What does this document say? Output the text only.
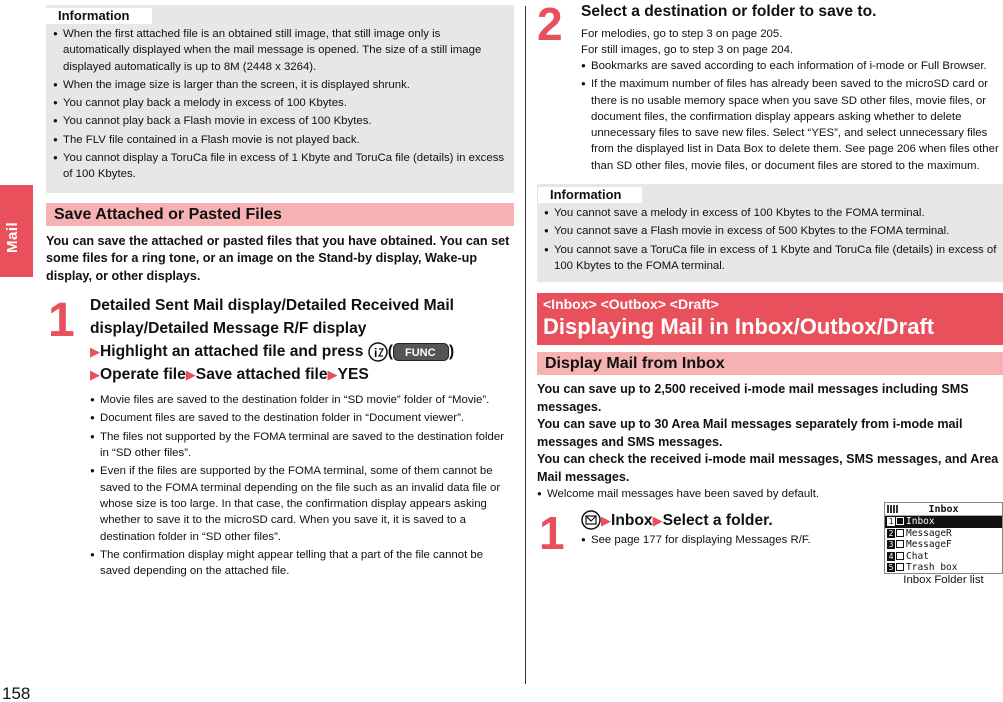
Mail
158
Information
● When the first attached file is an obtained still image, that still image only is automatically displayed when the mail message is opened. The size of a still image displayed automatically is up to 8M (2448 x 3264).
● When the image size is larger than the screen, it is displayed shrunk.
● You cannot play back a melody in excess of 100 Kbytes.
● You cannot play back a Flash movie in excess of 100 Kbytes.
● The FLV file contained in a Flash movie is not played back.
● You cannot display a ToruCa file in excess of 1 Kbyte and ToruCa file (details) in excess of 100 Kbytes.
Save Attached or Pasted Files

You can save the attached or pasted files that you have obtained. You can set some files for a ring tone, or an image on the Stand-by display, Wake-up display, or other displays.

1 Detailed Sent Mail display/Detailed Received Mail display/Detailed Message R/F display
▶Highlight an attached file and press i ( FUNC )
▶Operate file▶Save attached file▶YES
● Movie files are saved to the destination folder in “SD movie” folder of “Movie”.
● Document files are saved to the destination folder in “Document viewer”.
● The files not supported by the FOMA terminal are saved to the destination folder in “SD other files”.
● Even if the files are supported by the FOMA terminal, some of them cannot be saved to the FOMA terminal depending on the file such as an invalid data file or whose size is too large. In that case, the confirmation display appears asking whether to save it to the microSD card. When you save it, it is saved to a destination folder in “SD other files”.
● The confirmation display might appear telling that a part of the file cannot be saved depending on the attached file.
2 Select a destination or folder to save to.
For melodies, go to step 3 on page 205.
For still images, go to step 3 on page 204.
● Bookmarks are saved according to each information of i-mode or Full Browser.
● If the maximum number of files has already been saved to the microSD card or there is no usable memory space when you save SD other files, movie files, or document files, the confirmation display appears asking whether to delete unnecessary files to save new files. Select “YES”, and select unnecessary files from the displayed list in Data Box to delete them. See page 206 when files other than SD other files, movie files, or document files are stored to the maximum.
Information
● You cannot save a melody in excess of 100 Kbytes to the FOMA terminal.
● You cannot save a Flash movie in excess of 500 Kbytes to the FOMA terminal.
● You cannot save a ToruCa file in excess of 1 Kbyte and ToruCa file (details) in excess of 100 Kbytes to the FOMA terminal.
<Inbox> <Outbox> <Draft>
Displaying Mail in Inbox/Outbox/Draft
Display Mail from Inbox

You can save up to 2,500 received i-mode mail messages including SMS messages.

You can save up to 30 Area Mail messages separately from i-mode mail messages and SMS messages.

You can check the received i-mode mail messages, SMS messages, and Area Mail messages.

● Welcome mail messages have been saved by default.
1	▶Inbox▶Select a folder.
● See page 177 for displaying Messages R/F.
Inbox
1 Inbox
2 MessageR
3 MessageF
4 Chat
5 Trash box
Inbox Folder list
